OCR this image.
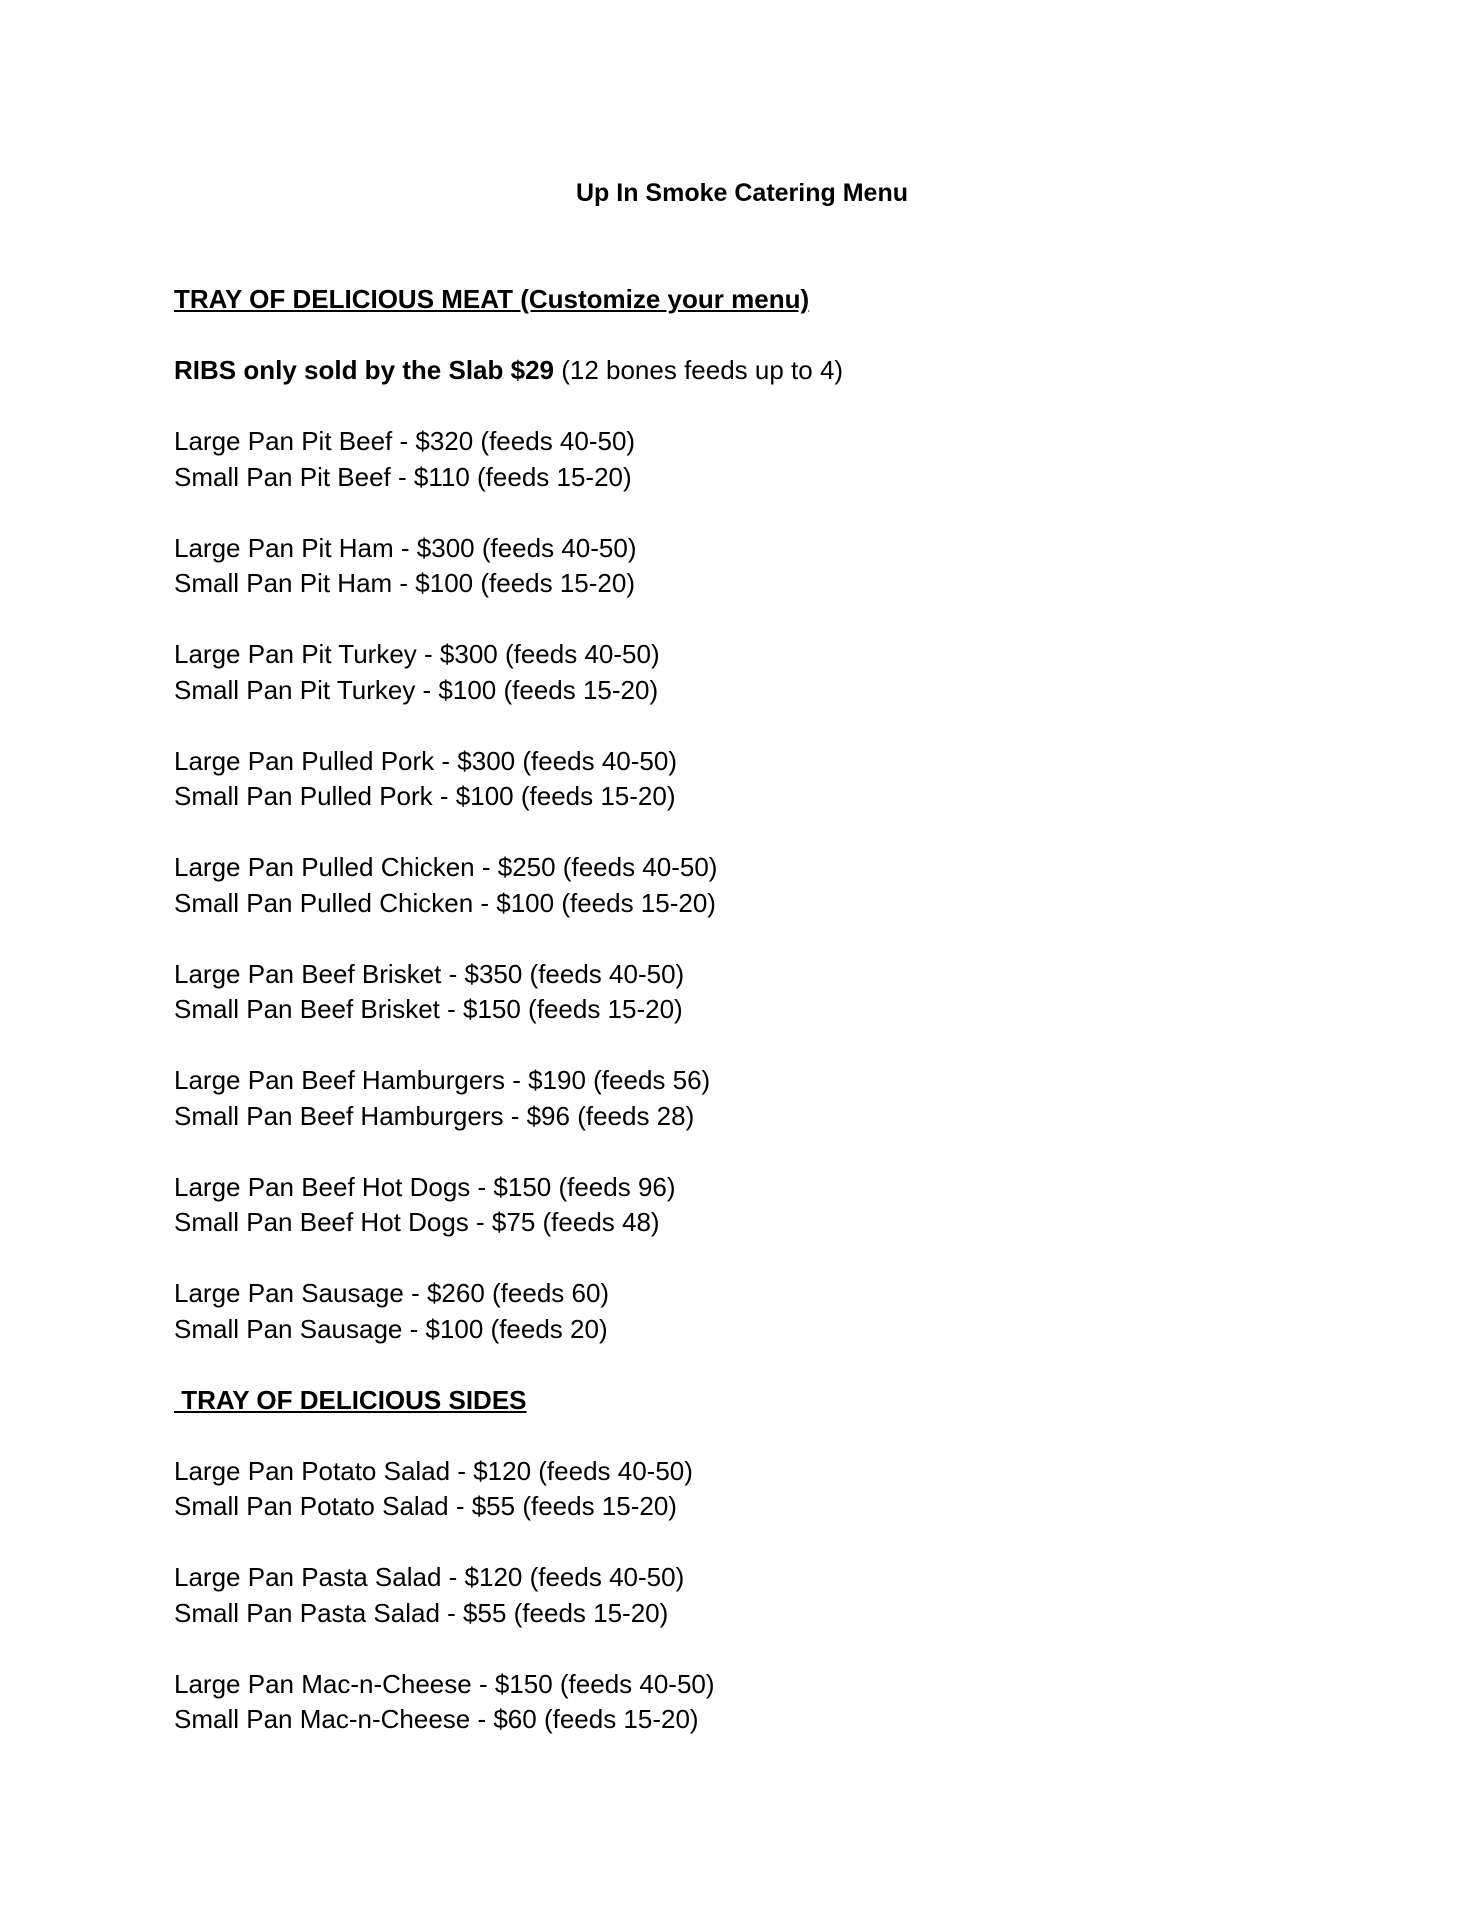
Up In Smoke Catering Menu

TRAY OF DELICIOUS MEAT (Customize your menu)

RIBS only sold by the Slab $29 (12 bones feeds up to 4)
Large Pan Pit Beef - $320 (feeds 40-50)
Small Pan Pit Beef - $110 (feeds 15-20)
Large Pan Pit Ham - $300 (feeds 40-50)
Small Pan Pit Ham - $100 (feeds 15-20)
Large Pan Pit Turkey - $300 (feeds 40-50)
Small Pan Pit Turkey - $100 (feeds 15-20)
Large Pan Pulled Pork - $300 (feeds 40-50)
Small Pan Pulled Pork - $100 (feeds 15-20)
Large Pan Pulled Chicken - $250 (feeds 40-50)
Small Pan Pulled Chicken - $100 (feeds 15-20)
Large Pan Beef Brisket - $350 (feeds 40-50)
Small Pan Beef Brisket - $150 (feeds 15-20)
Large Pan Beef Hamburgers - $190 (feeds 56)
Small Pan Beef Hamburgers - $96 (feeds 28)
Large Pan Beef Hot Dogs - $150 (feeds 96)
Small Pan Beef Hot Dogs - $75 (feeds 48)
Large Pan Sausage - $260 (feeds 60)
Small Pan Sausage - $100 (feeds 20)

TRAY OF DELICIOUS SIDES

Large Pan Potato Salad - $120 (feeds 40-50)
Small Pan Potato Salad - $55 (feeds 15-20)
Large Pan Pasta Salad - $120 (feeds 40-50)
Small Pan Pasta Salad - $55 (feeds 15-20)
Large Pan Mac-n-Cheese - $150 (feeds 40-50)
Small Pan Mac-n-Cheese - $60 (feeds 15-20)
